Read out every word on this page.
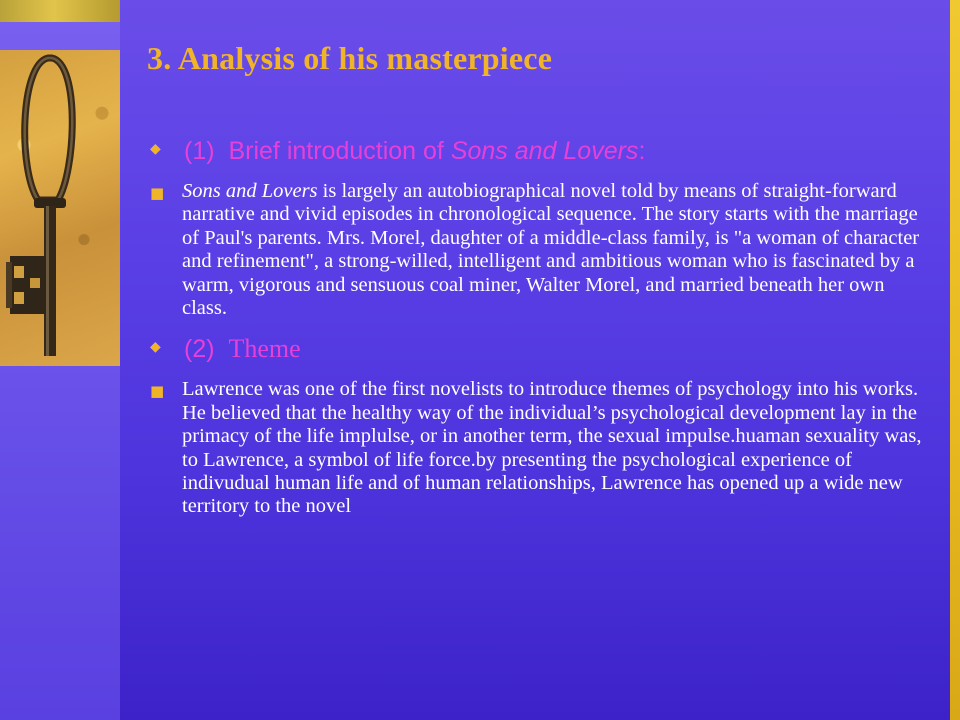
3. Analysis of his masterpiece
◆ (1) Brief introduction of Sons and Lovers:
■ Sons and Lovers is largely an autobiographical novel told by means of straight-forward narrative and vivid episodes in chronological sequence. The story starts with the marriage of Paul's parents. Mrs. Morel, daughter of a middle-class family, is "a woman of character and refinement", a strong-willed, intelligent and ambitious woman who is fascinated by a warm, vigorous and sensuous coal miner, Walter Morel, and married beneath her own class.
◆ (2) Theme
■ Lawrence was one of the first novelists to introduce themes of psychology into his works. He believed that the healthy way of the individual’s psychological development lay in the primacy of the life implulse, or in another term, the sexual impulse.huaman sexuality was, to Lawrence, a symbol of life force.by presenting the psychological experience of indivudual human life and of human relationships, Lawrence has opened up a wide new territory to the novel
